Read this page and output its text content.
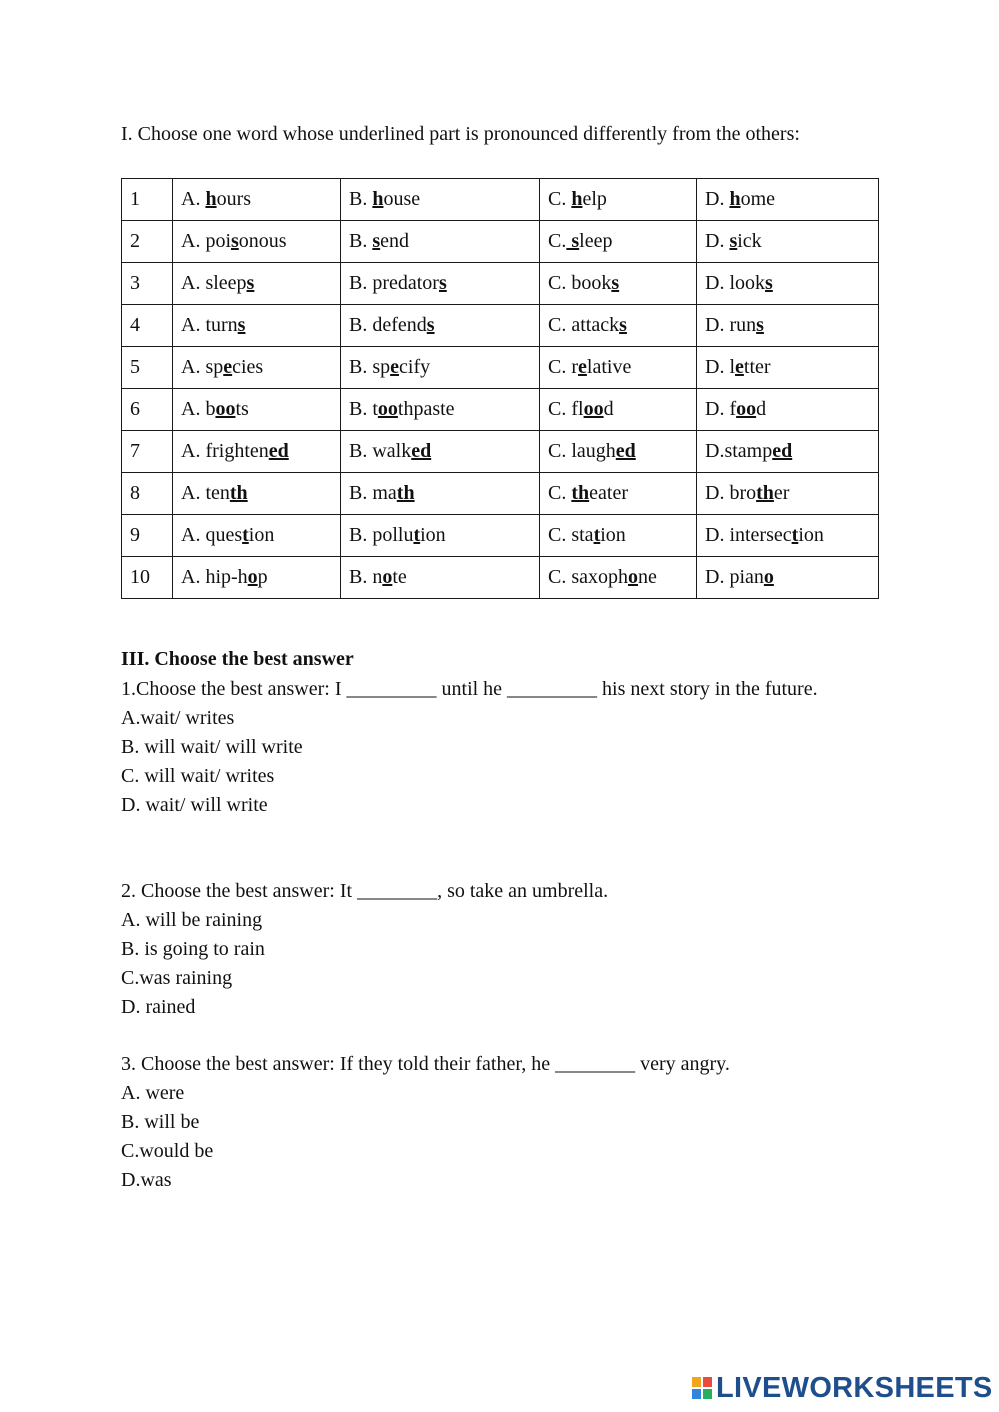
I. Choose one word whose underlined part is pronounced differently from the others:
1	A. hours	B. house	C. help	D. home
2	A. poisonous	B. send	C. sleep	D. sick
3	A. sleeps	B. predators	C. books	D. looks
4	A. turns	B. defends	C. attacks	D. runs
5	A. species	B. specify	C. relative	D. letter
6	A. boots	B. toothpaste	C. flood	D. food
7	A. frightened	B. walked	C. laughed	D.stamped
8	A. tenth	B. math	C. theater	D. brother
9	A. question	B. pollution	C. station	D. intersection
10	A. hip-hop	B. note	C. saxophone	D. piano
III. Choose the best answer
1.Choose the best answer: I _________ until he _________ his next story in the future.
A.wait/ writes
B. will wait/ will write
C. will wait/ writes
D. wait/ will write
2. Choose the best answer: It ________, so take an umbrella.
A. will be raining
B. is going to rain
C.was raining
D. rained
3. Choose the best answer: If they told their father, he ________ very angry.
A. were
B. will be
C.would be
D.was
LIVEWORKSHEETS
